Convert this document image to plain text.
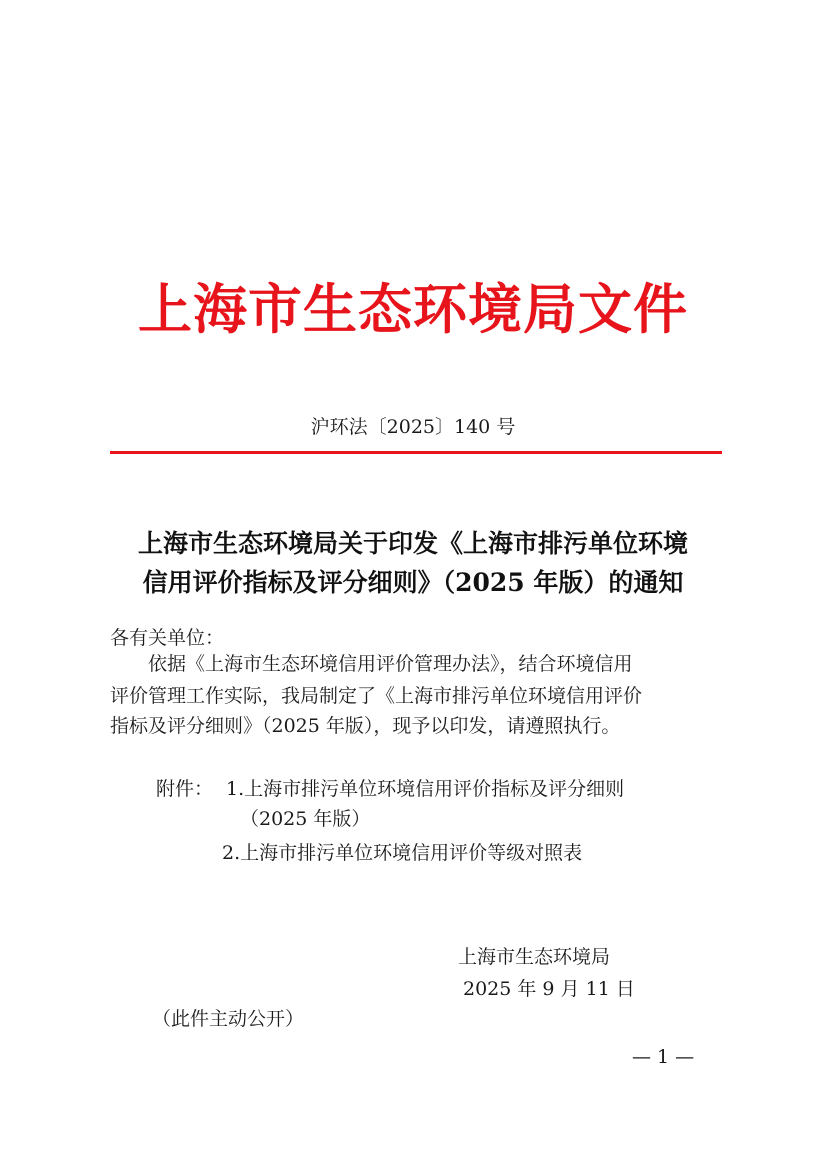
上海市生态环境局文件
沪环法〔2025〕140 号
上海市生态环境局关于印发《上海市排污单位环境
信用评价指标及评分细则》（2025 年版）的通知
各有关单位：
依据《上海市生态环境信用评价管理办法》，结合环境信用
评价管理工作实际，我局制定了《上海市排污单位环境信用评价
指标及评分细则》（2025 年版），现予以印发，请遵照执行。
附件： 1.上海市排污单位环境信用评价指标及评分细则
（2025 年版）
2.上海市排污单位环境信用评价等级对照表
上海市生态环境局
2025 年 9 月 11 日
（此件主动公开）
— 1 —
